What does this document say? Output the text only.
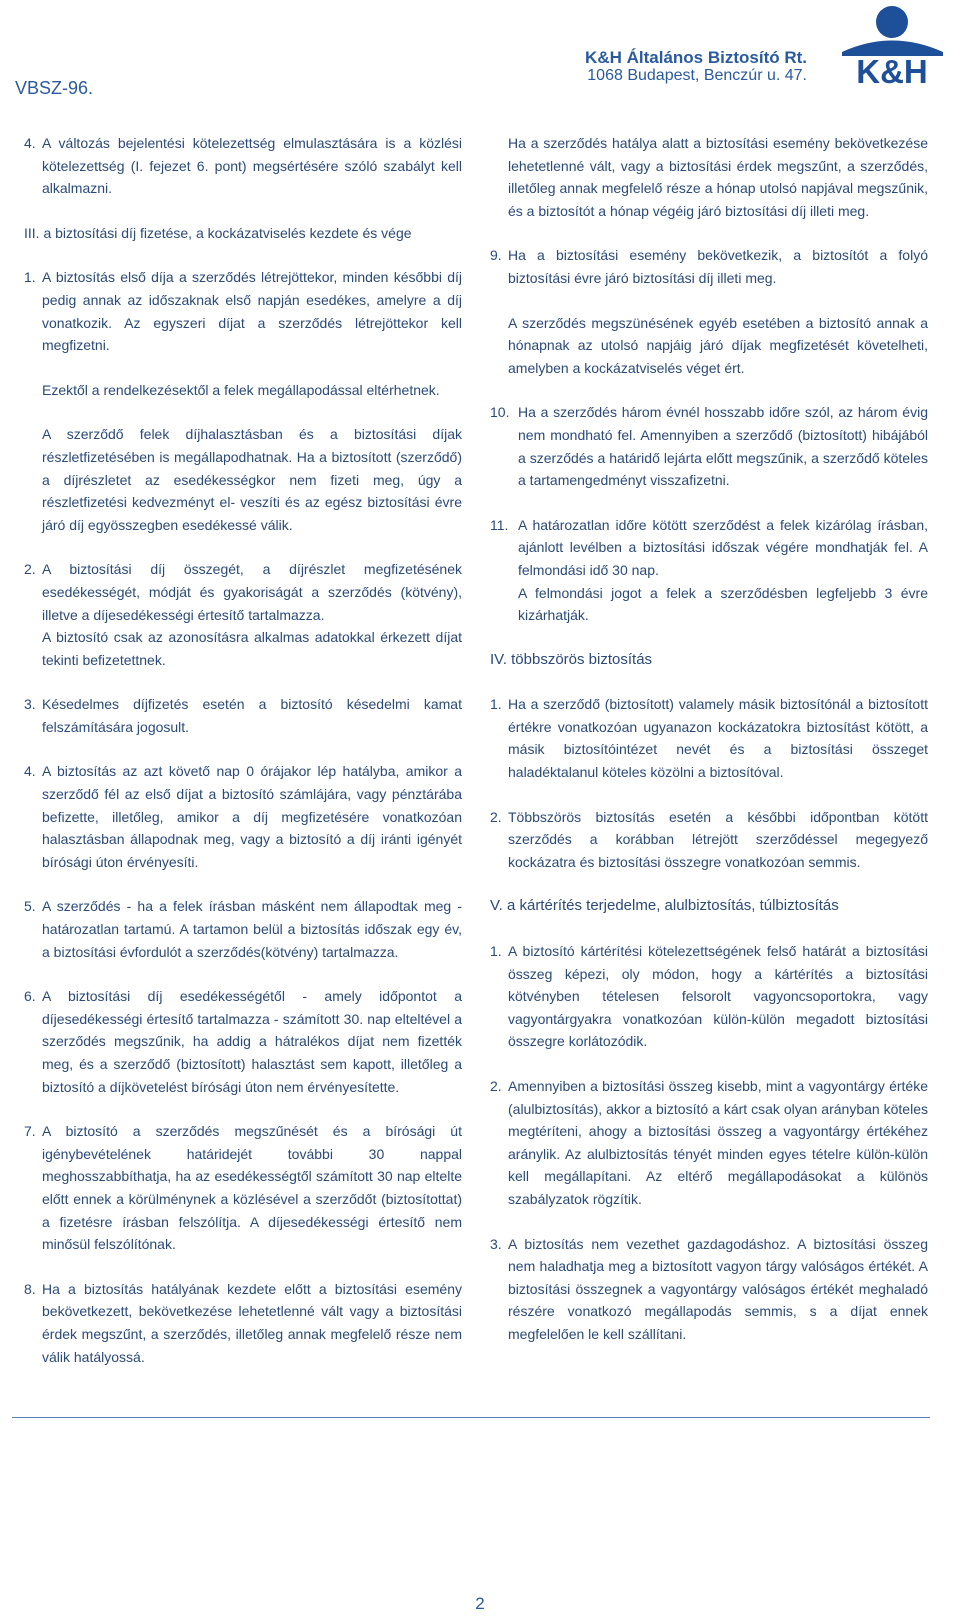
VBSZ-96.
K&H Általános Biztosító Rt.
1068 Budapest, Benczúr u. 47. K&H
4. A változás bejelentési kötelezettség elmulasztására is a közlési kötelezettség (I. fejezet 6. pont) megsértésére szóló szabályt kell alkalmazni.
III. a biztosítási díj fizetése, a kockázatviselés kezdete és vége
1. A biztosítás első díja a szerződés létrejöttekor, minden későbbi díj pedig annak az időszaknak első napján esedékes, amelyre a díj vonatkozik. Az egyszeri díjat a szerződés létrejöttekor kell megfizetni.
Ezektől a rendelkezésektől a felek megállapodással eltérhetnek.
A szerződő felek díjhalasztásban és a biztosítási díjak részletfizetésében is megállapodhatnak. Ha a biztosított (szerződő) a díjrészletet az esedékességkor nem fizeti meg, úgy a részletfizetési kedvezményt el- veszíti és az egész biztosítási évre járó díj egyösszegben esedékessé válik.
2. A biztosítási díj összegét, a díjrészlet megfizetésének esedékességét, módját és gyakoriságát a szerződés (kötvény), illetve a díjesedékességi értesítő tartalmazza.
A biztosító csak az azonosításra alkalmas adatokkal érkezett díjat tekinti befizetettnek.
3. Késedelmes díjfizetés esetén a biztosító késedelmi kamat felszámítására jogosult.
4. A biztosítás az azt követő nap 0 órájakor lép hatályba, amikor a szerződő fél az első díjat a biztosító számlájára, vagy pénztárába befizette, illetőleg, amikor a díj megfizetésére vonatkozóan halasztásban állapodnak meg, vagy a biztosító a díj iránti igényét bírósági úton érvényesíti.
5. A szerződés - ha a felek írásban másként nem állapodtak meg - határozatlan tartamú. A tartamon belül a biztosítás időszak egy év, a biztosítási évfordulót a szerződés(kötvény) tartalmazza.
6. A biztosítási díj esedékességétől - amely időpontot a díjesedékességi értesítő tartalmazza - számított 30. nap elteltével a szerződés megszűnik, ha addig a hátralékos díjat nem fizették meg, és a szerződő (biztosított) halasztást sem kapott, illetőleg a biztosító a díjkövetelést bírósági úton nem érvényesítette.
7. A biztosító a szerződés megszűnését és a bírósági út igénybevételének határidejét további 30 nappal meghosszabbíthatja, ha az esedékességtől számított 30 nap eltelte előtt ennek a körülménynek a közlésével a szerződőt (biztosítottat) a fizetésre írásban felszólítja. A díjesedékességi értesítő nem minősül felszólítónak.
8. Ha a biztosítás hatályának kezdete előtt a biztosítási esemény bekövetkezett, bekövetkezése lehetetlenné vált vagy a biztosítási érdek megszűnt, a szerződés, illetőleg annak megfelelő része nem válik hatályossá.
Ha a szerződés hatálya alatt a biztosítási esemény bekövetkezése lehetetlenné vált, vagy a biztosítási érdek megszűnt, a szerződés, illetőleg annak megfelelő része a hónap utolsó napjával megszűnik, és a biztosítót a hónap végéig járó biztosítási díj illeti meg.
9. Ha a biztosítási esemény bekövetkezik, a biztosítót a folyó biztosítási évre járó biztosítási díj illeti meg.
A szerződés megszünésének egyéb esetében a biztosító annak a hónapnak az utolsó napjáig járó díjak megfizetését követelheti, amelyben a kockázatviselés véget ért.
10. Ha a szerződés három évnél hosszabb időre szól, az három évig nem mondható fel. Amennyiben a szerződő (biztosított) hibájából a szerződés a határidő lejárta előtt megszűnik, a szerződő köteles a tartamengedményt visszafizetni.
11. A határozatlan időre kötött szerződést a felek kizárólag írásban, ajánlott levélben a biztosítási időszak végére mondhatják fel. A felmondási idő 30 nap.
A felmondási jogot a felek a szerződésben legfeljebb 3 évre kizárhatják.
IV. többszörös biztosítás
1. Ha a szerződő (biztosított) valamely másik biztosítónál a biztosított értékre vonatkozóan ugyanazon kockázatokra biztosítást kötött, a másik biztosítóintézet nevét és a biztosítási összeget haladéktalanul köteles közölni a biztosítóval.
2. Többszörös biztosítás esetén a későbbi időpontban kötött szerződés a korábban létrejött szerződéssel megegyező kockázatra és biztosítási összegre vonatkozóan semmis.
V. a kártérítés terjedelme, alulbiztosítás, túlbiztosítás
1. A biztosító kártérítési kötelezettségének felső határát a biztosítási összeg képezi, oly módon, hogy a kártérítés a biztosítási kötvényben tételesen felsorolt vagyoncsoportokra, vagy vagyontárgyakra vonatkozóan külön-külön megadott biztosítási összegre korlátozódik.
2. Amennyiben a biztosítási összeg kisebb, mint a vagyontárgy értéke (alulbiztosítás), akkor a biztosító a kárt csak olyan arányban köteles megtéríteni, ahogy a biztosítási összeg a vagyontárgy értékéhez aránylik. Az alulbiztosítás tényét minden egyes tételre külön-külön kell megállapítani. Az eltérő megállapodásokat a különös szabályzatok rögzítik.
3. A biztosítás nem vezethet gazdagodáshoz. A biztosítási összeg nem haladhatja meg a biztosított vagyon tárgy valóságos értékét. A biztosítási összegnek a vagyontárgy valóságos értékét meghaladó részére vonatkozó megállapodás semmis, s a díjat ennek megfelelően le kell szállítani.
2
